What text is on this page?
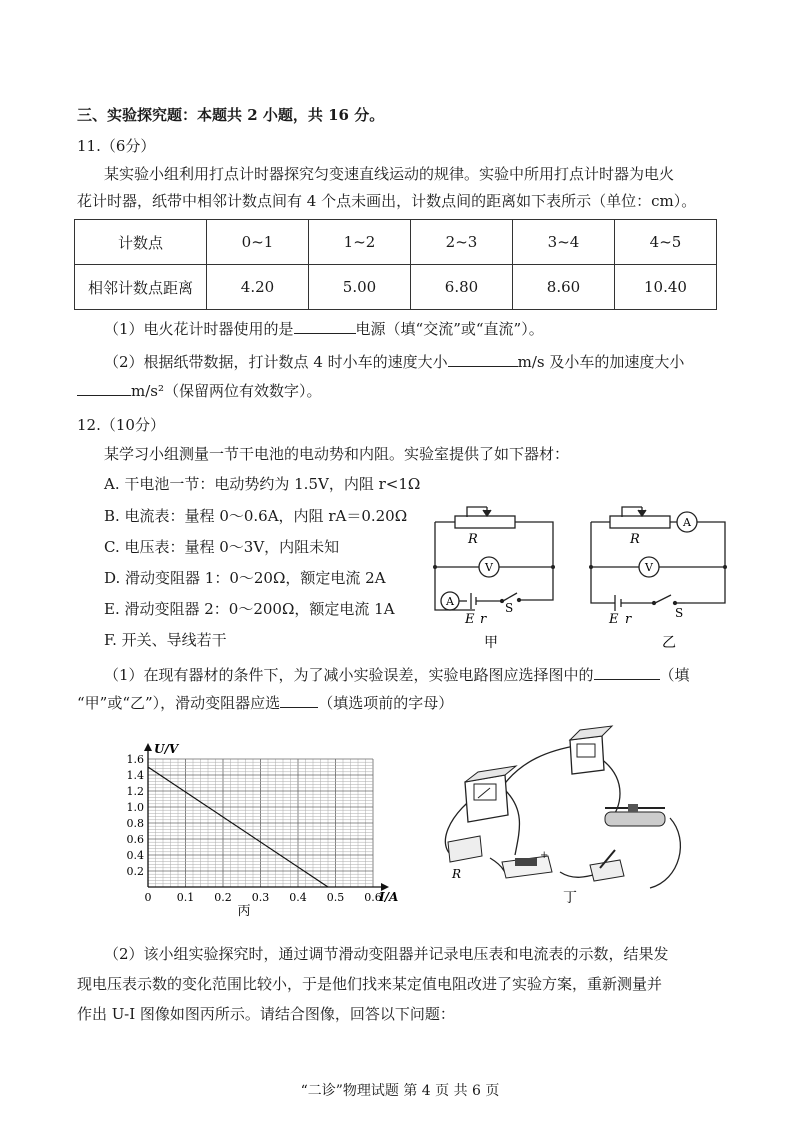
三、实验探究题：本题共 2 小题，共 16 分。
11.（6分）
某实验小组利用打点计时器探究匀变速直线运动的规律。实验中所用打点计时器为电火
花计时器，纸带中相邻计数点间有 4 个点未画出，计数点间的距离如下表所示（单位：cm）。
计数点	0~1	1~2	2~3	3~4	4~5
相邻计数点距离	4.20	5.00	6.80	8.60	10.40
（1）电火花计时器使用的是	电源（填“交流”或“直流”）。
（2）根据纸带数据，打计数点 4 时小车的速度大小	m/s 及小车的加速度大小
m/s²（保留两位有效数字）。
12.（10分）
某学习小组测量一节干电池的电动势和内阻。实验室提供了如下器材：
A. 干电池一节：电动势约为 1.5V，内阻 r<1Ω
B. 电流表：量程 0～0.6A，内阻 rA＝0.20Ω
C. 电压表：量程 0～3V，内阻未知
D. 滑动变阻器 1：0～20Ω，额定电流 2A
E. 滑动变阻器 2：0～200Ω，额定电流 1A
F. 开关、导线若干
V
A
R
E r
S
甲
A
V
R
E r	S
乙
（1）在现有器材的条件下，为了减小实验误差，实验电路图应选择图中的	（填
“甲”或“乙”），滑动变阻器应选	（填选项前的字母）
0 0.1 0.2 0.3 0.4 0.5 0.6
0.2
0.4
0.6
0.8
1.0
1.2
1.4
1.6
U/V
I/A
丙
R
+
丁
（2）该小组实验探究时，通过调节滑动变阻器并记录电压表和电流表的示数，结果发
现电压表示数的变化范围比较小，于是他们找来某定值电阻改进了实验方案，重新测量并
作出 U-I 图像如图丙所示。请结合图像，回答以下问题：
“二诊”物理试题 第 4 页 共 6 页
